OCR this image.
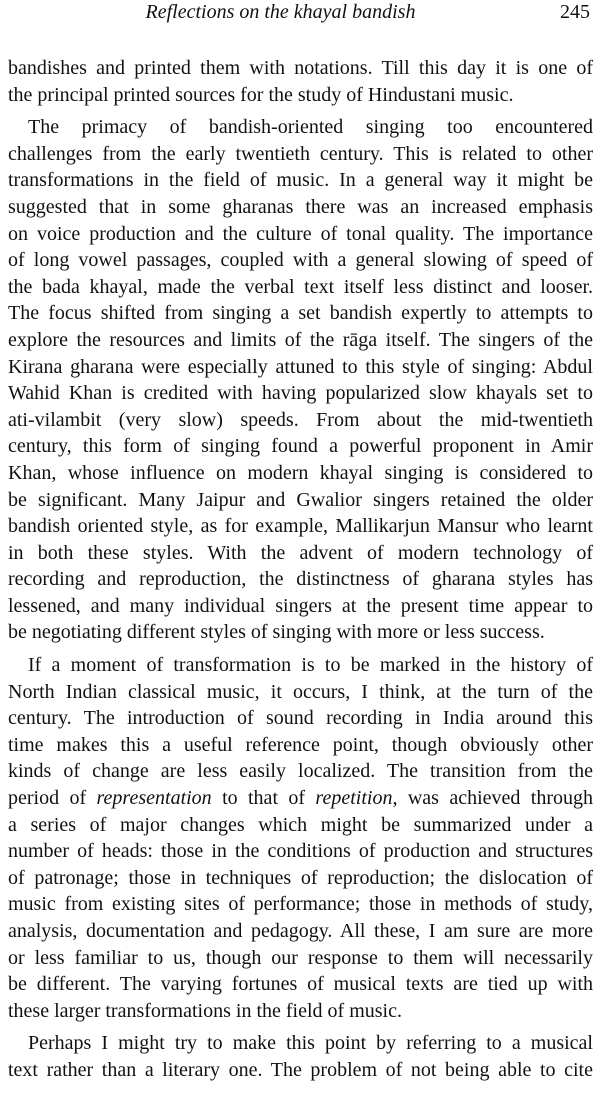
Reflections on the khayal bandish	245
bandishes and printed them with notations. Till this day it is one of
the principal printed sources for the study of Hindustani music.
The primacy of bandish-oriented singing too encountered
challenges from the early twentieth century. This is related to other
transformations in the field of music. In a general way it might be
suggested that in some gharanas there was an increased emphasis
on voice production and the culture of tonal quality. The importance
of long vowel passages, coupled with a general slowing of speed of
the bada khayal, made the verbal text itself less distinct and looser.
The focus shifted from singing a set bandish expertly to attempts to
explore the resources and limits of the rāga itself. The singers of the
Kirana gharana were especially attuned to this style of singing: Abdul
Wahid Khan is credited with having popularized slow khayals set to
ati-vilambit (very slow) speeds. From about the mid-twentieth
century, this form of singing found a powerful proponent in Amir
Khan, whose influence on modern khayal singing is considered to
be significant. Many Jaipur and Gwalior singers retained the older
bandish oriented style, as for example, Mallikarjun Mansur who learnt
in both these styles. With the advent of modern technology of
recording and reproduction, the distinctness of gharana styles has
lessened, and many individual singers at the present time appear to
be negotiating different styles of singing with more or less success.
If a moment of transformation is to be marked in the history of
North Indian classical music, it occurs, I think, at the turn of the
century. The introduction of sound recording in India around this
time makes this a useful reference point, though obviously other
kinds of change are less easily localized. The transition from the
period of representation to that of repetition, was achieved through
a series of major changes which might be summarized under a
number of heads: those in the conditions of production and structures
of patronage; those in techniques of reproduction; the dislocation of
music from existing sites of performance; those in methods of study,
analysis, documentation and pedagogy. All these, I am sure are more
or less familiar to us, though our response to them will necessarily
be different. The varying fortunes of musical texts are tied up with
these larger transformations in the field of music.
Perhaps I might try to make this point by referring to a musical
text rather than a literary one. The problem of not being able to cite
